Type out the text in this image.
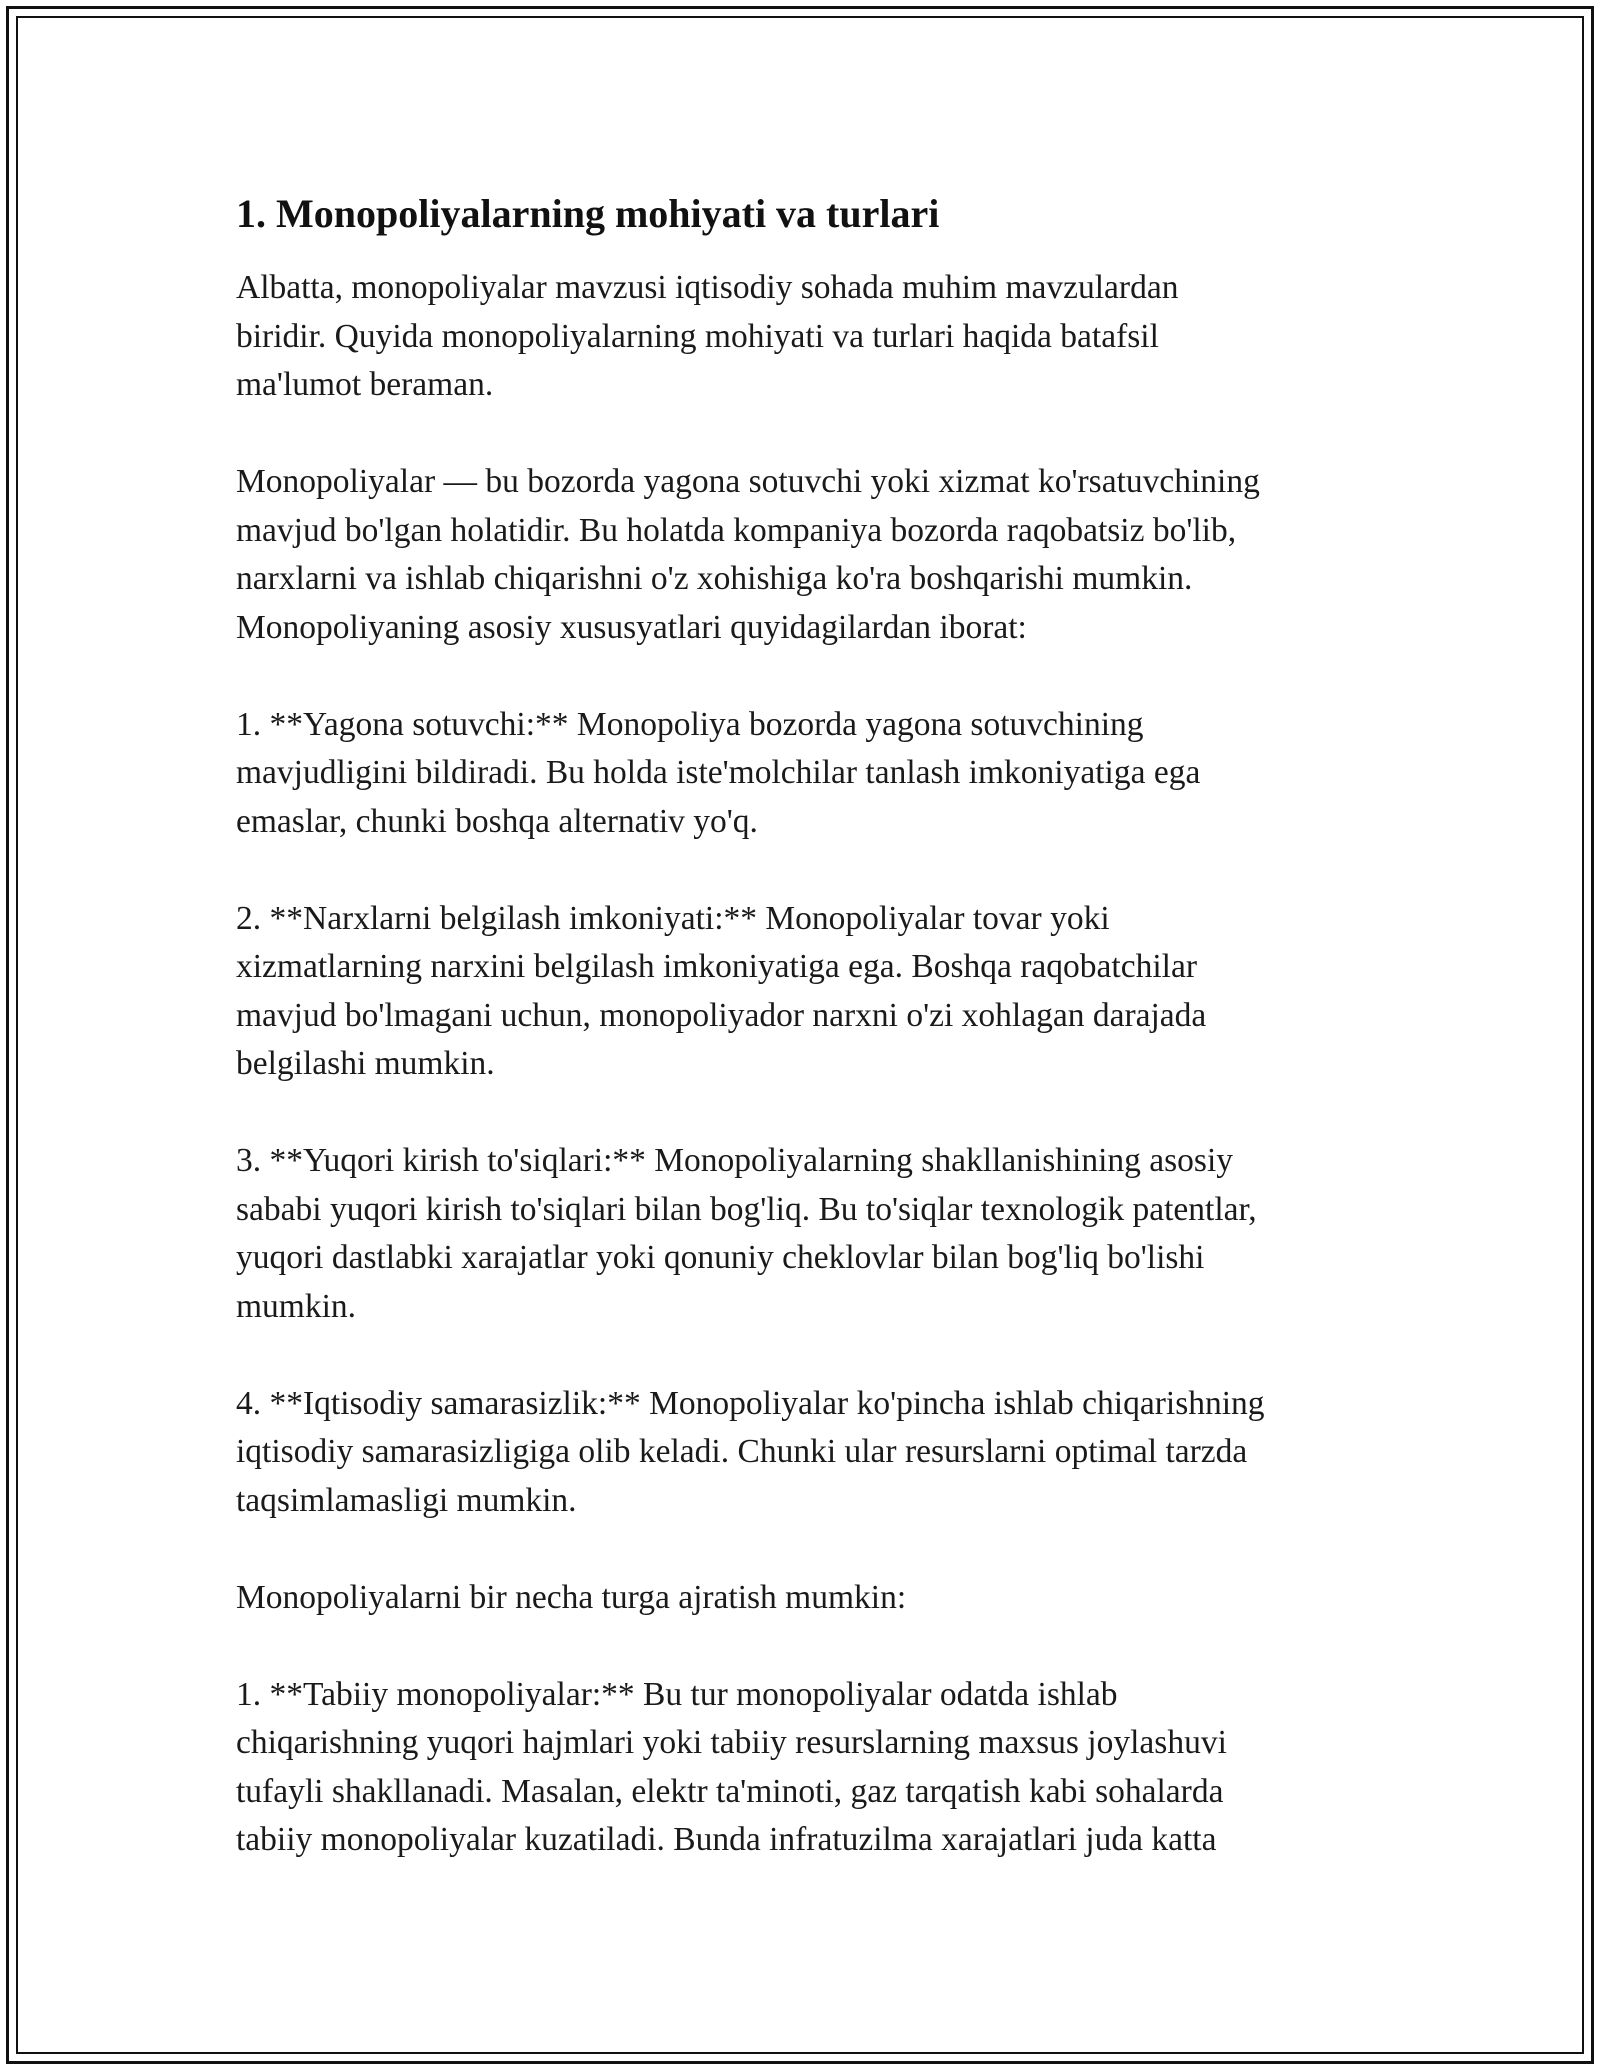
1. Monopoliyalarning mohiyati va turlari

Albatta, monopoliyalar mavzusi iqtisodiy sohada muhim mavzulardan
biridir. Quyida monopoliyalarning mohiyati va turlari haqida batafsil
ma'lumot beraman.

Monopoliyalar — bu bozorda yagona sotuvchi yoki xizmat ko'rsatuvchining
mavjud bo'lgan holatidir. Bu holatda kompaniya bozorda raqobatsiz bo'lib,
narxlarni va ishlab chiqarishni o'z xohishiga ko'ra boshqarishi mumkin.
Monopoliyaning asosiy xususyatlari quyidagilardan iborat:

1. **Yagona sotuvchi:** Monopoliya bozorda yagona sotuvchining
mavjudligini bildiradi. Bu holda iste'molchilar tanlash imkoniyatiga ega
emaslar, chunki boshqa alternativ yo'q.

2. **Narxlarni belgilash imkoniyati:** Monopoliyalar tovar yoki
xizmatlarning narxini belgilash imkoniyatiga ega. Boshqa raqobatchilar
mavjud bo'lmagani uchun, monopoliyador narxni o'zi xohlagan darajada
belgilashi mumkin.

3. **Yuqori kirish to'siqlari:** Monopoliyalarning shakllanishining asosiy
sababi yuqori kirish to'siqlari bilan bog'liq. Bu to'siqlar texnologik patentlar,
yuqori dastlabki xarajatlar yoki qonuniy cheklovlar bilan bog'liq bo'lishi
mumkin.

4. **Iqtisodiy samarasizlik:** Monopoliyalar ko'pincha ishlab chiqarishning
iqtisodiy samarasizligiga olib keladi. Chunki ular resurslarni optimal tarzda
taqsimlamasligi mumkin.

Monopoliyalarni bir necha turga ajratish mumkin:

1. **Tabiiy monopoliyalar:** Bu tur monopoliyalar odatda ishlab
chiqarishning yuqori hajmlari yoki tabiiy resurslarning maxsus joylashuvi
tufayli shakllanadi. Masalan, elektr ta'minoti, gaz tarqatish kabi sohalarda
tabiiy monopoliyalar kuzatiladi. Bunda infratuzilma xarajatlari juda katta
